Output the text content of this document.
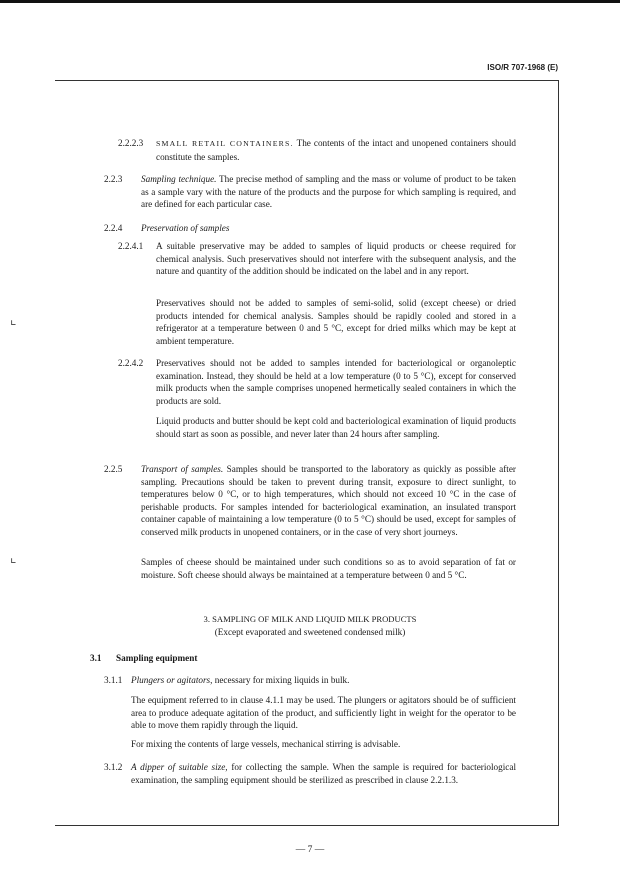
ISO/R 707-1968 (E)
2.2.2.3 SMALL RETAIL CONTAINERS. The contents of the intact and unopened containers should constitute the samples.
2.2.3 Sampling technique. The precise method of sampling and the mass or volume of product to be taken as a sample vary with the nature of the products and the purpose for which sampling is required, and are defined for each particular case.
2.2.4 Preservation of samples
2.2.4.1 A suitable preservative may be added to samples of liquid products or cheese required for chemical analysis. Such preservatives should not interfere with the subsequent analysis, and the nature and quantity of the addition should be indicated on the label and in any report.
Preservatives should not be added to samples of semi-solid, solid (except cheese) or dried products intended for chemical analysis. Samples should be rapidly cooled and stored in a refrigerator at a temperature between 0 and 5 °C, except for dried milks which may be kept at ambient temperature.
2.2.4.2 Preservatives should not be added to samples intended for bacteriological or organoleptic examination. Instead, they should be held at a low temperature (0 to 5 °C), except for conserved milk products when the sample comprises unopened hermetically sealed containers in which the products are sold.
Liquid products and butter should be kept cold and bacteriological examination of liquid products should start as soon as possible, and never later than 24 hours after sampling.
2.2.5 Transport of samples. Samples should be transported to the laboratory as quickly as possible after sampling. Precautions should be taken to prevent during transit, exposure to direct sunlight, to temperatures below 0 °C, or to high temperatures, which should not exceed 10 °C in the case of perishable products. For samples intended for bacteriological examination, an insulated transport container capable of maintaining a low temperature (0 to 5 °C) should be used, except for samples of conserved milk products in unopened containers, or in the case of very short journeys.
Samples of cheese should be maintained under such conditions so as to avoid separation of fat or moisture. Soft cheese should always be maintained at a temperature between 0 and 5 °C.
3. SAMPLING OF MILK AND LIQUID MILK PRODUCTS
(Except evaporated and sweetened condensed milk)
3.1 Sampling equipment
3.1.1 Plungers or agitators, necessary for mixing liquids in bulk.
The equipment referred to in clause 4.1.1 may be used. The plungers or agitators should be of sufficient area to produce adequate agitation of the product, and sufficiently light in weight for the operator to be able to move them rapidly through the liquid.
For mixing the contents of large vessels, mechanical stirring is advisable.
3.1.2 A dipper of suitable size, for collecting the sample. When the sample is required for bacteriological examination, the sampling equipment should be sterilized as prescribed in clause 2.2.1.3.
— 7 —
⌞
⌞
